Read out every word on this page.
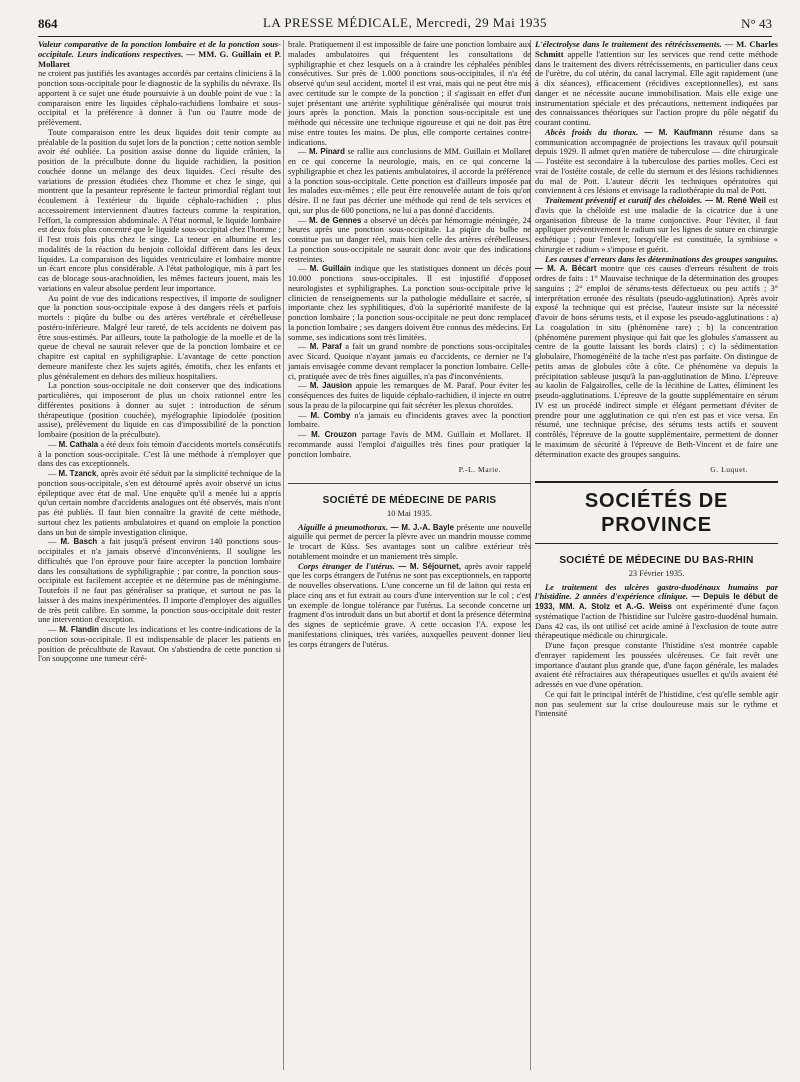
864	LA PRESSE MÉDICALE, Mercredi, 29 Mai 1935	N° 43
Valeur comparative de la ponction lombaire et de la ponction sous-occipitale. Leurs indications respectives. — MM. G. Guillain et P. Mollaret

ne croient pas justifiés les avantages accordés par certains cliniciens à la ponction sous-occipitale pour le diagnostic de la syphilis du névraxe. Ils apportent à ce sujet une étude poursuivie à un double point de vue : la comparaison entre les liquides céphalo-rachidiens lombaire et sous-occipital et la préférence à donner à l'un ou l'autre mode de prélèvement.

Toute comparaison entre les deux liquides doit tenir compte au préalable de la position du sujet lors de la ponction ; cette notion semble avoir été oubliée. La position assise donne du liquide crânien, la position de la préculbute donne du liquide rachidien, la position couchée donne un mélange des deux liquides. Ceci résulte des variations de pression étudiées chez l'homme et chez le singe, qui montrent que la pesanteur représente le facteur primordial réglant tout écoulement à l'extérieur du liquide céphalo-rachidien ; plus accessoirement interviennent d'autres facteurs comme la respiration, l'effort, la compression abdominale. A l'état normal, le liquide lombaire est deux fois plus concentré que le liquide sous-occipital chez l'homme ; il l'est trois fois plus chez le singe. La teneur en albumine et les modalités de la réaction du benjoin colloïdal diffèrent dans les deux liquides. La comparaison des liquides ventriculaire et lombaire montre un écart encore plus considérable. A l'état pathologique, mis à part les cas de blocage sous-arachnoïdien, les mêmes facteurs jouent, mais les variations en valeur absolue perdent leur importance.

Au point de vue des indications respectives, il importe de souligner que la ponction sous-occipitale expose à des dangers réels et parfois mortels : piqûre du bulbe ou des artères vertébrale et cérébelleuse postéro-inférieure. Malgré leur rareté, de tels accidents ne doivent pas être sous-estimés. Par ailleurs, toute la pathologie de la moelle et de la queue de cheval ne saurait relever que de la ponction lombaire et ce chapitre est capital en syphiligraphie. L'avantage de cette ponction demeure manifeste chez les sujets agités, émotifs, chez les enfants et plus généralement en dehors des milieux hospitaliers.

La ponction sous-occipitale ne doit conserver que des indications particulières, qui imposeront de plus un choix rationnel entre les différentes positions à donner au sujet : introduction de sérum thérapeutique (position couchée), myélographie lipiodolée (position assise), prélèvement du liquide en cas d'impossibilité de la ponction lombaire (position de la préculbute).

— M. Cathala a été deux fois témoin d'accidents mortels consécutifs à la ponction sous-occipitale. C'est là une méthode à n'employer que dans des cas exceptionnels.

— M. Tzanck, après avoir été séduit par la simplicité technique de la ponction sous-occipitale, s'en est détourné après avoir observé un ictus épileptique avec état de mal. Une enquête qu'il a menée lui a appris qu'un certain nombre d'accidents analogues ont été observés, mais n'ont pas été publiés. Il faut bien connaître la gravité de cette méthode, surtout chez les patients ambulatoires et quand on emploie la ponction dans un but de simple investigation clinique.

— M. Basch a fait jusqu'à présent environ 140 ponctions sous-occipitales et n'a jamais observé d'inconvénients. Il souligne les difficultés que l'on éprouve pour faire accepter la ponction lombaire dans les consultations de syphiligraphie ; par contre, la ponction sous-occipitale est facilement acceptée et ne détermine pas de méningisme. Toutefois il ne faut pas généraliser sa pratique, et surtout ne pas la laisser à des mains inexpérimentées. Il importe d'employer des aiguilles de très petit calibre. En somme, la ponction sous-occipitale doit rester une intervention d'exception.

— M. Flandin discute les indications et les contre-indications de la ponction sous-occipitale. Il est indispensable de placer les patients en position de précultbute de Ravaut. On s'abstiendra de cette ponction si l'on soupçonne une tumeur céré-

brale. Pratiquement il est impossible de faire une ponction lombaire aux malades ambulatoires qui fréquentent les consultations de syphiligraphie et chez lesquels on a à craindre les céphalées pénibles consécutives. Sur près de 1.000 ponctions sous-occipitales, il n'a été observé qu'un seul accident, mortel il est vrai, mais qui ne peut être mis avec certitude sur le compte de la ponction ; il s'agissait en effet d'un sujet présentant une artérite syphilitique généralisée qui mourut trois jours après la ponction. Mais la ponction sous-occipitale est une méthode qui nécessite une technique rigoureuse et qui ne doit pas être mise entre toutes les mains. De plus, elle comporte certaines contre-indications.

— M. Pinard se rallie aux conclusions de MM. Guillain et Mollaret en ce qui concerne la neurologie, mais, en ce qui concerne la syphiligraphie et chez les patients ambulatoires, il accorde la préférence à la ponction sous-occipitale. Cette ponction est d'ailleurs imposée par les malades eux-mêmes ; elle peut être renouvelée autant de fois qu'on désire. Il ne faut pas décrier une méthode qui rend de tels services et qui, sur plus de 600 ponctions, ne lui a pas donné d'accidents.

— M. de Gennes a observé un décès par hémorragie méningée, 24 heures après une ponction sous-occipitale. La piqûre du bulbe ne constitue pas un danger réel, mais bien celle des artères cérébelleuses. La ponction sous-occipitale ne saurait donc avoir que des indications restreintes.

— M. Guillain indique que les statistiques donnent un décès pour 10.000 ponctions sous-occipitales. Il est injustifié d'opposer neurologistes et syphiligraphes. La ponction sous-occipitale prive le clinicien de renseignements sur la pathologie médullaire et sacrée, si importante chez les syphilitiques, d'où la supériorité manifeste de la ponction lombaire ; la ponction sous-occipitale ne peut donc remplacer la ponction lombaire ; ses dangers doivent être connus des médecins. En somme, ses indications sont très limitées.

— M. Paraf a fait un grand nombre de ponctions sous-occipitales avec Sicard. Quoique n'ayant jamais eu d'accidents, ce dernier ne l'a jamais envisagée comme devant remplacer la ponction lombaire. Celle-ci, pratiquée avec de très fines aiguilles, n'a pas d'inconvénients.

— M. Jausion appuie les remarques de M. Paraf. Pour éviter les conséquences des fuites de liquide céphalo-rachidien, il injecte en outre sous la peau de la pilocarpine qui fait sécréter les plexus choroïdes.

— M. Comby n'a jamais eu d'incidents graves avec la ponction lombaire.

— M. Crouzon partage l'avis de MM. Guillain et Mollaret. Il recommande aussi l'emploi d'aiguilles très fines pour pratiquer la ponction lombaire.

P.-L. Marie.
SOCIÉTÉ DE MÉDECINE DE PARIS
10 Mai 1935.

Aiguille à pneumothorax. — M. J.-A. Bayle présente une nouvelle aiguille qui permet de percer la plèvre avec un mandrin mousse comme le trocart de Küss. Ses avantages sont un calibre extérieur très notablement moindre et un maniement très simple.

Corps étranger de l'utérus. — M. Séjournet, après avoir rappelé que les corps étrangers de l'utérus ne sont pas exceptionnels, en rapporte de nouvelles observations. L'une concerne un fil de laiton qui resta en place cinq ans et fut extrait au cours d'une intervention sur le col ; c'est un exemple de longue tolérance par l'utérus. La seconde concerne un fragment d'os introduit dans un but abortif et dont la présence détermina des signes de septicémie grave. A cette occasion l'A. expose les manifestations cliniques, très variées, auxquelles peuvent donner lieu les corps étrangers de l'utérus.

L'électrolyse dans le traitement des rétrécissements. — M. Charles Schmitt appelle l'attention sur les services que rend cette méthode dans le traitement des divers rétrécissements, en particulier dans ceux de l'urètre, du col utérin, du canal lacrymal. Elle agit rapidement (une à dix séances), efficacement (récidives exceptionnelles), est sans danger et ne nécessite aucune immobilisation. Mais elle exige une instrumentation spéciale et des précautions, nettement indiquées par des connaissances théoriques sur l'action propre du pôle négatif du courant continu.

Abcès froids du thorax. — M. Kaufmann résume dans sa communication accompagnée de projections les travaux qu'il poursuit depuis 1929. Il admet qu'en matière de tuberculose — dite chirurgicale — l'ostéite est secondaire à la tuberculose des parties molles. Ceci est vrai de l'ostéite costale, de celle du sternum et des lésions rachidiennes du mal de Pott. L'auteur décrit les techniques opératoires qui conviennent à ces lésions et envisage la radiothérapie du mal de Pott.

Traitement préventif et curatif des chéloïdes. — M. René Weil est d'avis que la chéloïde est une maladie de la cicatrice due à une organisation fibreuse de la trame conjonctive. Pour l'éviter, il faut appliquer préventivement le radium sur les lignes de suture en chirurgie esthétique ; pour l'enlever, lorsqu'elle est constituée, la symbiose « chirurgie et radium » s'impose et guérit.

Les causes d'erreurs dans les déterminations des groupes sanguins. — M. A. Bécart montre que ces causes d'erreurs résultent de trois ordres de faits : 1° Mauvaise technique de la détermination des groupes sanguins ; 2° emploi de sérums-tests défectueux ou peu actifs ; 3° interprétation erronée des résultats (pseudo-agglutination). Après avoir exposé la technique qui est précise, l'auteur insiste sur la nécessité d'avoir de bons sérums tests, et il expose les pseudo-agglutinations : a) La coagulation in situ (phénomène rare) ; b) la concentration (phénomène purement physique qui fait que les globules s'amassent au centre de la goutte laissant les bords clairs) ; c) la sédimentation globulaire, l'homogénéité de la tache n'est pas parfaite. On distingue de petits amas de globules côte à côte. Ce phénomène va depuis la précipitation sableuse jusqu'à la pan-agglutination de Mino. L'épreuve au kaolin de Falgairolles, celle de la lécithine de Lattes, éliminent les pseudo-agglutinations. L'épreuve de la goutte supplémentaire en sérum IV est un procédé indirect simple et élégant permettant d'éviter de prendre pour une agglutination ce qui n'en est pas et vice versa. En résumé, une technique précise, des sérums tests actifs et souvent contrôlés, l'épreuve de la goutte supplémentaire, permettent de donner le maximum de sécurité à l'épreuve de Beth-Vincent et de faire une détermination exacte des groupes sanguins.

G. Luquet.
SOCIÉTÉS DE PROVINCE
SOCIÉTÉ DE MÉDECINE DU BAS-RHIN
23 Février 1935.

Le traitement des ulcères gastro-duodénaux humains par l'histidine. 2 années d'expérience clinique. — Depuis le début de 1933, MM. A. Stolz et A.-G. Weiss ont expérimenté d'une façon systématique l'action de l'histidine sur l'ulcère gastro-duodénal humain. Dans 42 cas, ils ont utilisé cet acide aminé à l'exclusion de toute autre thérapeutique médicale ou chirurgicale.

D'une façon presque constante l'histidine s'est montrée capable d'enrayer rapidement les poussées ulcéreuses. Ce fait revêt une importance d'autant plus grande que, d'une façon générale, les malades avaient été réfractaires aux thérapeutiques usuelles et qu'ils avaient été adressés en vue d'une opération.

Ce qui fait le principal intérêt de l'histidine, c'est qu'elle semble agir non pas seulement sur la crise douloureuse mais sur le rythme et l'intensité
